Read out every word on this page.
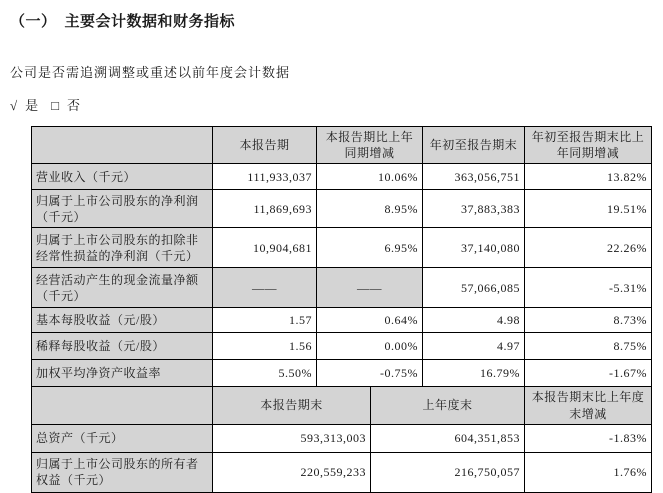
（一）　主要会计数据和财务指标
公司是否需追溯调整或重述以前年度会计数据
√ 是 □ 否
	本报告期	本报告期比上年同期增减	年初至报告期末	年初至报告期末比上年同期增减
营业收入（千元）	111,933,037	10.06%	363,056,751	13.82%
归属于上市公司股东的净利润（千元）	11,869,693	8.95%	37,883,383	19.51%
归属于上市公司股东的扣除非经常性损益的净利润（千元）	10,904,681	6.95%	37,140,080	22.26%
经营活动产生的现金流量净额（千元）	——	——	57,066,085	-5.31%
基本每股收益（元/股）	1.57	0.64%	4.98	8.73%
稀释每股收益（元/股）	1.56	0.00%	4.97	8.75%
加权平均净资产收益率	5.50%	-0.75%	16.79%	-1.67%
	本报告期末	上年度末	本报告期末比上年度末增减
总资产（千元）	593,313,003	604,351,853	-1.83%
归属于上市公司股东的所有者权益（千元）	220,559,233	216,750,057	1.76%
